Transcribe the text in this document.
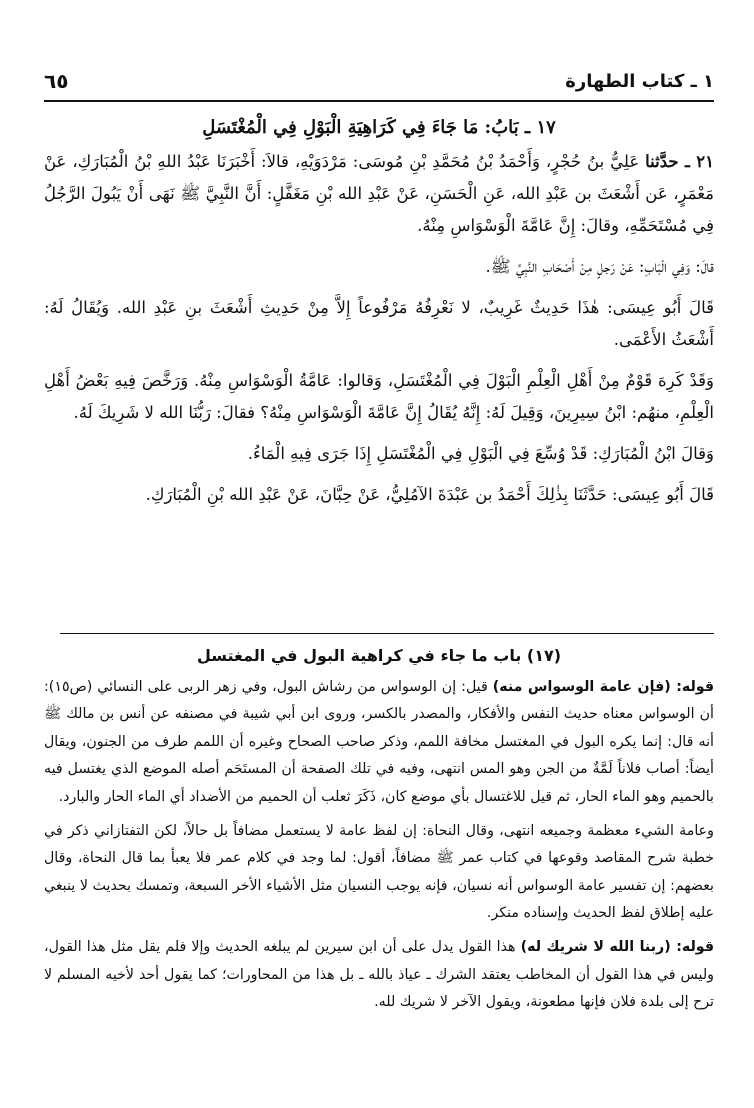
٦٥	١ ـ كتاب الطهارة
١٧ ـ بَابُ: مَا جَاءَ فِي كَرَاهِيَةِ الْبَوْلِ فِي الْمُغْتَسَلِ

٢١ ـ حدَّثنا عَلِيُّ بنُ حُجْرٍ، وَأَحْمَدُ بْنُ مُحَمَّدِ بْنِ مُوسَى: مَرْدَوَيْهِ، قالاَ: أَخْبَرَنَا عَبْدُ اللهِ بْنُ الْمُبَارَكِ، عَنْ مَعْمَرٍ، عَن أَشْعَثَ بن عَبْدِ الله، عَنِ الْحَسَنِ، عَنْ عَبْدِ الله بْنِ مَغَفَّلٍ: أَنَّ النَّبِيَّ ﷺ نَهَى أَنْ يَبُولَ الرَّجُلُ فِي مُسْتَحَمِّهِ، وقالَ: إِنَّ عَامَّةَ الْوَسْوَاسِ مِنْهُ.

قالَ: وَفِي الْبَابِ: عَنْ رَجلٍ مِنْ أَصْحَابِ النَّبِيِّ ﷺ.

قَالَ أَبُو عِيسَى: هٰذَا حَدِيثٌ غَرِيبٌ، لا نَعْرِفُهُ مَرْفُوعاً إِلاَّ مِنْ حَدِيثِ أَشْعَثَ بنِ عَبْدِ الله. وَيُقَالُ لَهُ: أَشْعَثُ الأَعْمَى.

وَقَدْ كَرِهَ قَوْمٌ مِنْ أَهْلِ الْعِلْمِ الْبَوْلَ فِي الْمُغْتَسَلِ، وَقالوا: عَامَّةُ الْوَسْوَاسِ مِنْهُ. وَرَخَّصَ فِيهِ بَعْضُ أَهْلِ الْعِلْمِ، منهُم: ابْنُ سِيرِينَ، وَقِيلَ لَهُ: إِنَّهُ يُقَالُ إِنَّ عَامَّةَ الْوَسْوَاسِ مِنْهُ؟ فقالَ: رَبُّنَا الله لا شَرِيكَ لَهُ.

وَقالَ ابْنُ الْمُبَارَكِ: قَدْ وُسِّعَ فِي الْبَوْلِ فِي الْمُغْتَسَلِ إِذَا جَرَى فِيهِ الْمَاءُ.

قَالَ أَبُو عِيسَى: حَدَّثَنَا بِذٰلِكَ أَحْمَدُ بن عَبْدَةَ الآمُلِيُّ، عَنْ حِبَّانَ، عَنْ عَبْدِ الله بْنِ الْمُبَارَكِ.

(١٧) باب ما جاء في كراهية البول في المغتسل

قوله: (فإن عامة الوسواس منه) قيل: إن الوسواس من رشاش البول، وفي زهر الربى على النسائي (ص١٥): أن الوسواس معناه حديث النفس والأفكار، والمصدر بالكسر، وروى ابن أبي شيبة في مصنفه عن أنس بن مالك ﷺ أنه قال: إنما يكره البول في المغتسل مخافة اللمم، وذكر صاحب الصحاح وغيره أن اللمم طرف من الجنون، ويقال أيضاً: أصاب فلاناً لَمَّةٌ من الجن وهو المس انتهى، وفيه في تلك الصفحة أن المستَحَم أصله الموضع الذي يغتسل فيه بالحميم وهو الماء الحار، ثم قيل للاغتسال بأي موضع كان، ذَكَرَ ثعلب أن الحميم من الأضداد أي الماء الحار والبارد.

وعامة الشيء معظمة وجميعه انتهى، وقال النحاة: إن لفظ عامة لا يستعمل مضافاً بل حالاً، لكن التفتازاني ذكر في خطبة شرح المقاصد وقوعها في كتاب عمر ﷺ مضافاً، أقول: لما وجد في كلام عمر فلا يعبأ بما قال النحاة، وقال بعضهم: إن تفسير عامة الوسواس أنه نسيان، فإنه يوجب النسيان مثل الأشياء الأخر السبعة، وتمسك بحديث لا ينبغي عليه إطلاق لفظ الحديث وإسناده منكر.

قوله: (ربنا الله لا شريك له) هذا القول يدل على أن ابن سيرين لم يبلغه الحديث وإلا فلم يقل مثل هذا القول، وليس في هذا القول أن المخاطب يعتقد الشرك ـ عياذ بالله ـ بل هذا من المحاورات؛ كما يقول أحد لأخيه المسلم لا ترح إلى بلدة فلان فإنها مطعونة، ويقول الآخر لا شريك لله.
